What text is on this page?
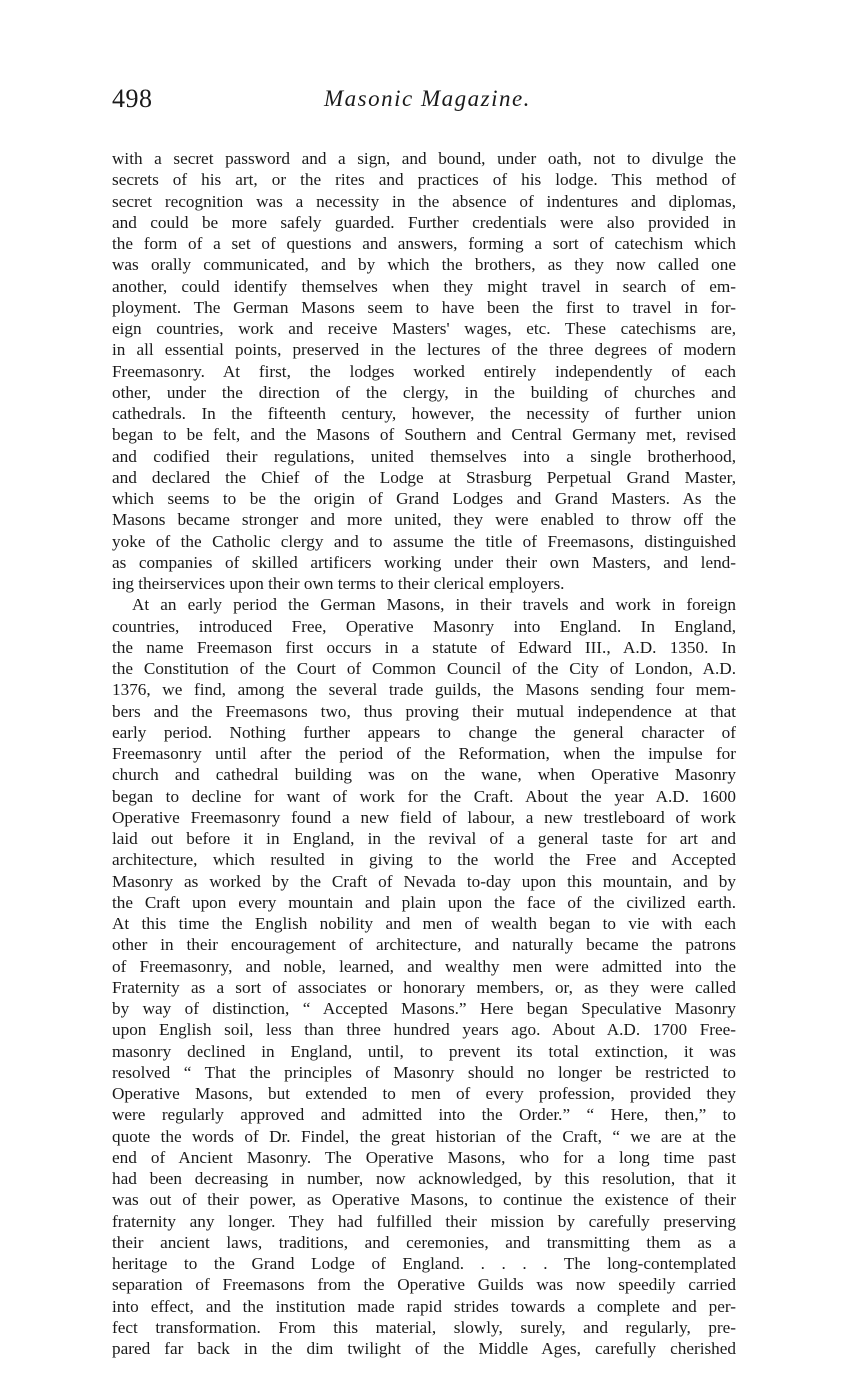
498	Masonic Magazine.
with a secret password and a sign, and bound, under oath, not to divulge the
secrets of his art, or the rites and practices of his lodge. This method of
secret recognition was a necessity in the absence of indentures and diplomas,
and could be more safely guarded. Further credentials were also provided in
the form of a set of questions and answers, forming a sort of catechism which
was orally communicated, and by which the brothers, as they now called one
another, could identify themselves when they might travel in search of em-
ployment. The German Masons seem to have been the first to travel in for-
eign countries, work and receive Masters' wages, etc. These catechisms are,
in all essential points, preserved in the lectures of the three degrees of modern
Freemasonry. At first, the lodges worked entirely independently of each
other, under the direction of the clergy, in the building of churches and
cathedrals. In the fifteenth century, however, the necessity of further union
began to be felt, and the Masons of Southern and Central Germany met, revised
and codified their regulations, united themselves into a single brotherhood,
and declared the Chief of the Lodge at Strasburg Perpetual Grand Master,
which seems to be the origin of Grand Lodges and Grand Masters. As the
Masons became stronger and more united, they were enabled to throw off the
yoke of the Catholic clergy and to assume the title of Freemasons, distinguished
as companies of skilled artificers working under their own Masters, and lend-
ing theirservices upon their own terms to their clerical employers.
At an early period the German Masons, in their travels and work in foreign
countries, introduced Free, Operative Masonry into England. In England,
the name Freemason first occurs in a statute of Edward III., A.D. 1350. In
the Constitution of the Court of Common Council of the City of London, A.D.
1376, we find, among the several trade guilds, the Masons sending four mem-
bers and the Freemasons two, thus proving their mutual independence at that
early period. Nothing further appears to change the general character of
Freemasonry until after the period of the Reformation, when the impulse for
church and cathedral building was on the wane, when Operative Masonry
began to decline for want of work for the Craft. About the year A.D. 1600
Operative Freemasonry found a new field of labour, a new trestleboard of work
laid out before it in England, in the revival of a general taste for art and
architecture, which resulted in giving to the world the Free and Accepted
Masonry as worked by the Craft of Nevada to-day upon this mountain, and by
the Craft upon every mountain and plain upon the face of the civilized earth.
At this time the English nobility and men of wealth began to vie with each
other in their encouragement of architecture, and naturally became the patrons
of Freemasonry, and noble, learned, and wealthy men were admitted into the
Fraternity as a sort of associates or honorary members, or, as they were called
by way of distinction, “ Accepted Masons.” Here began Speculative Masonry
upon English soil, less than three hundred years ago. About A.D. 1700 Free-
masonry declined in England, until, to prevent its total extinction, it was
resolved “ That the principles of Masonry should no longer be restricted to
Operative Masons, but extended to men of every profession, provided they
were regularly approved and admitted into the Order.” “ Here, then,” to
quote the words of Dr. Findel, the great historian of the Craft, “ we are at the
end of Ancient Masonry. The Operative Masons, who for a long time past
had been decreasing in number, now acknowledged, by this resolution, that it
was out of their power, as Operative Masons, to continue the existence of their
fraternity any longer. They had fulfilled their mission by carefully preserving
their ancient laws, traditions, and ceremonies, and transmitting them as a
heritage to the Grand Lodge of England. . . . . The long-contemplated
separation of Freemasons from the Operative Guilds was now speedily carried
into effect, and the institution made rapid strides towards a complete and per-
fect transformation. From this material, slowly, surely, and regularly, pre-
pared far back in the dim twilight of the Middle Ages, carefully cherished
